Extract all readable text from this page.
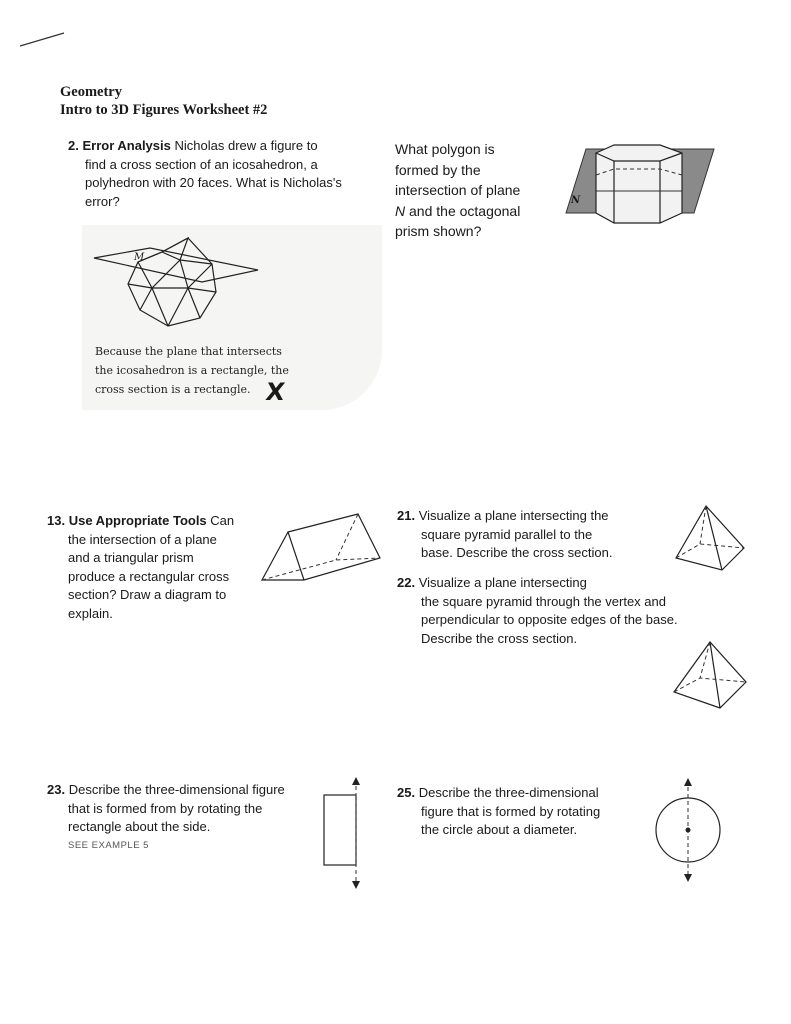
Geometry
Intro to 3D Figures Worksheet #2
2. Error Analysis Nicholas drew a figure to
find a cross section of an icosahedron, a
polyhedron with 20 faces. What is Nicholas's
error?
M
Because the plane that intersects
the icosahedron is a rectangle, the
cross section is a rectangle. X
What polygon is
formed by the
intersection of plane
N and the octagonal
prism shown?
N
13. Use Appropriate Tools Can
the intersection of a plane
and a triangular prism
produce a rectangular cross
section? Draw a diagram to
explain.
21. Visualize a plane intersecting the
square pyramid parallel to the
base. Describe the cross section.
22. Visualize a plane intersecting
the square pyramid through the vertex and
perpendicular to opposite edges of the base.
Describe the cross section.
23. Describe the three-dimensional figure
that is formed from by rotating the
rectangle about the side.
SEE EXAMPLE 5
25. Describe the three-dimensional
figure that is formed by rotating
the circle about a diameter.
